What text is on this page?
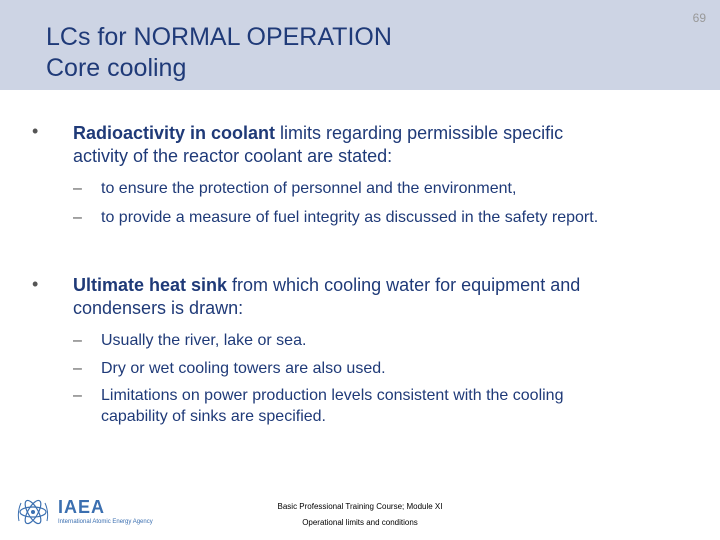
LCs for NORMAL OPERATION
Core cooling
69
• Radioactivity in coolant limits regarding permissible specific
activity of the reactor coolant are stated:
– to ensure the protection of personnel and the environment,
– to provide a measure of fuel integrity as discussed in the safety report.
• Ultimate heat sink from which cooling water for equipment and
condensers is drawn:
– Usually the river, lake or sea.
– Dry or wet cooling towers are also used.
– Limitations on power production levels consistent with the cooling
capability of sinks are specified.
IAEA
International Atomic Energy Agency
Basic Professional Training Course; Module XI
Operational limits and conditions
